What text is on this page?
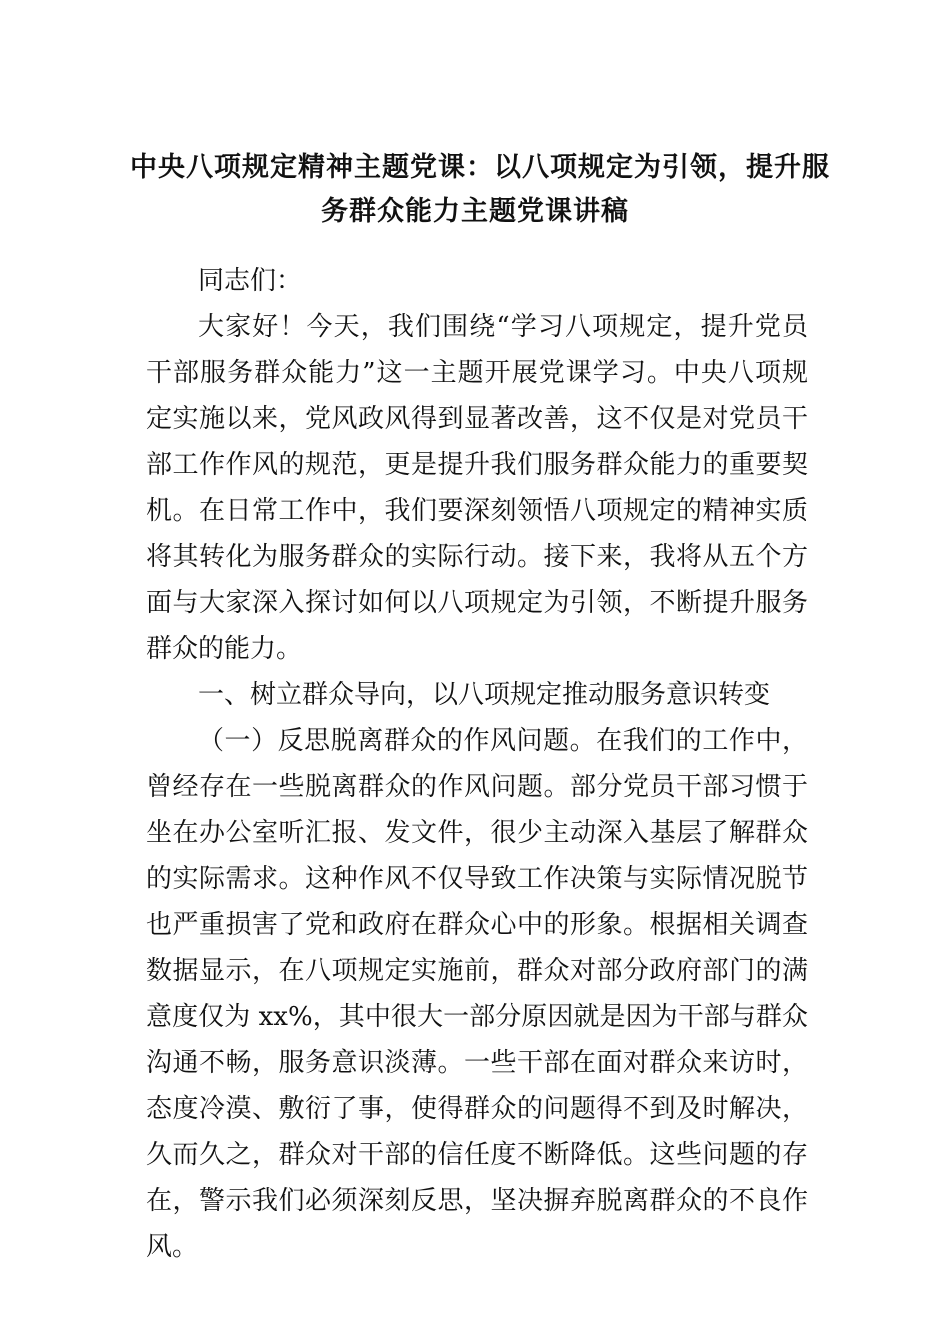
中央八项规定精神主题党课：以八项规定为引领，提升服
务群众能力主题党课讲稿
同志们：
大家好！今天，我们围绕“学习八项规定，提升党员
干部服务群众能力”这一主题开展党课学习。中央八项规
定实施以来，党风政风得到显著改善，这不仅是对党员干
部工作作风的规范，更是提升我们服务群众能力的重要契
机。在日常工作中，我们要深刻领悟八项规定的精神实质
将其转化为服务群众的实际行动。接下来，我将从五个方
面与大家深入探讨如何以八项规定为引领，不断提升服务
群众的能力。
一、树立群众导向，以八项规定推动服务意识转变
（一）反思脱离群众的作风问题。在我们的工作中，
曾经存在一些脱离群众的作风问题。部分党员干部习惯于
坐在办公室听汇报、发文件，很少主动深入基层了解群众
的实际需求。这种作风不仅导致工作决策与实际情况脱节
也严重损害了党和政府在群众心中的形象。根据相关调查
数据显示，在八项规定实施前，群众对部分政府部门的满
意度仅为 xx%，其中很大一部分原因就是因为干部与群众
沟通不畅，服务意识淡薄。一些干部在面对群众来访时，
态度冷漠、敷衍了事，使得群众的问题得不到及时解决，
久而久之，群众对干部的信任度不断降低。这些问题的存
在，警示我们必须深刻反思，坚决摒弃脱离群众的不良作
风。
